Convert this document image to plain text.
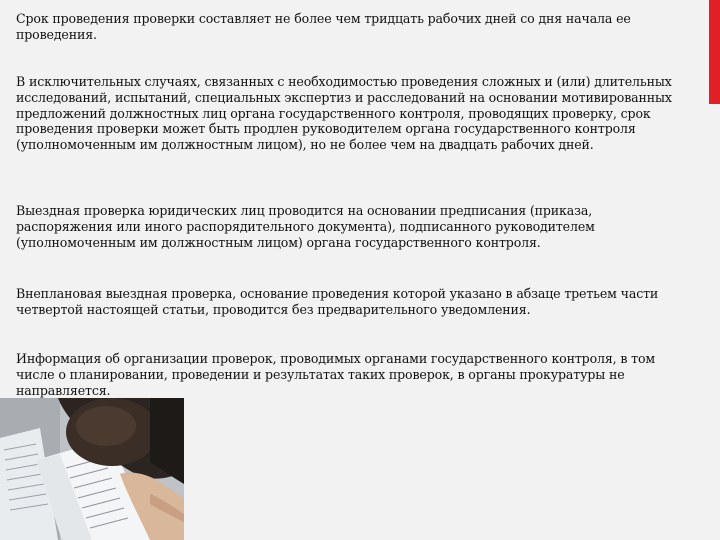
Срок проведения проверки составляет не более чем тридцать рабочих дней со дня начала ее проведения.

В исключительных случаях, связанных с необходимостью проведения сложных и (или) длительных исследований, испытаний, специальных экспертиз и расследований на основании мотивированных предложений должностных лиц органа государственного контроля, проводящих проверку, срок проведения проверки может быть продлен руководителем органа государственного контроля (уполномоченным им должностным лицом), но не более чем на двадцать рабочих дней.

Выездная проверка юридических лиц проводится на основании предписания (приказа, распоряжения или иного распорядительного документа), подписанного руководителем (уполномоченным им должностным лицом) органа государственного контроля.

Внеплановая выездная проверка, основание проведения которой указано в абзаце третьем части четвертой настоящей статьи, проводится без предварительного уведомления.

Информация об организации проверок, проводимых органами государственного контроля, в том числе о планировании, проведении и результатах таких проверок, в органы прокуратуры не направляется.
